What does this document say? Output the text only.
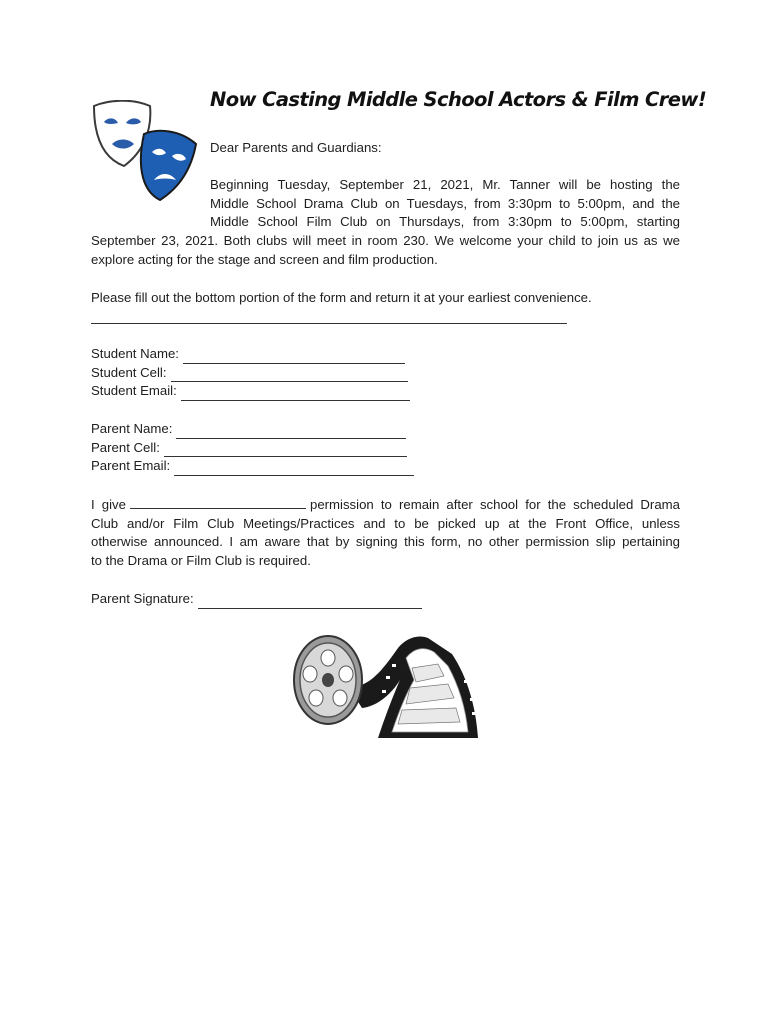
Now Casting Middle School Actors & Film Crew!
Dear Parents and Guardians:
Beginning Tuesday, September 21, 2021, Mr. Tanner will be hosting the
Middle School Drama Club on Tuesdays, from 3:30pm to 5:00pm, and the
Middle School Film Club on Thursdays, from 3:30pm to 5:00pm, starting
September 23, 2021. Both clubs will meet in room 230. We welcome your child to join us as we
explore acting for the stage and screen and film production.
Please fill out the bottom portion of the form and return it at your earliest convenience.
Student Name:
Student Cell:
Student Email:
Parent Name:
Parent Cell:
Parent Email:
I give	permission to remain after school for the scheduled Drama
Club and/or Film Club Meetings/Practices and to be picked up at the Front Office, unless
otherwise announced. I am aware that by signing this form, no other permission slip pertaining
to the Drama or Film Club is required.
Parent Signature:
